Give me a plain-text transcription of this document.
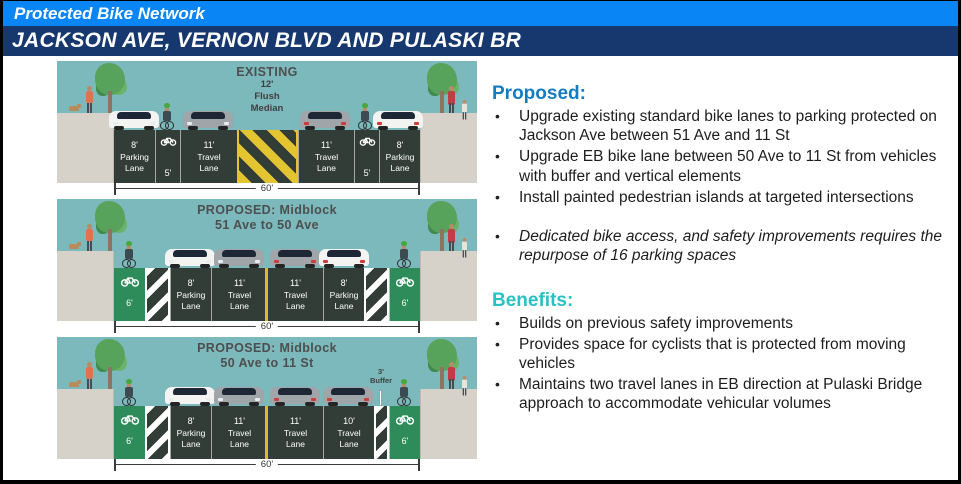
Protected Bike Network
JACKSON AVE, VERNON BLVD AND PULASKI BR
EXISTING
12'
Flush
Median
8'
Parking
Lane
5'
11'
Travel
Lane
11'
Travel
Lane
5'
8'
Parking
Lane
60'
PROPOSED: Midblock
51 Ave to 50 Ave
6'
8'
Parking
Lane
11'
Travel
Lane
11'
Travel
Lane
8'
Parking
Lane	6'
60'
PROPOSED: Midblock
50 Ave to 11 St
3'
Buffer
6'
8'
Parking
Lane
11'
Travel
Lane
11'
Travel
Lane
10'
Travel
Lane	6'
60'
Proposed:
•	Upgrade existing standard bike lanes to parking protected on Jackson Ave between 51 Ave and 11 St
•	Upgrade EB bike lane between 50 Ave to 11 St from vehicles with buffer and vertical elements
•	Install painted pedestrian islands at targeted intersections
•	Dedicated bike access, and safety improvements requires the repurpose of 16 parking spaces
Benefits:
•	Builds on previous safety improvements
•	Provides space for cyclists that is protected from moving vehicles
•	Maintains two travel lanes in EB direction at Pulaski Bridge approach to accommodate vehicular volumes
